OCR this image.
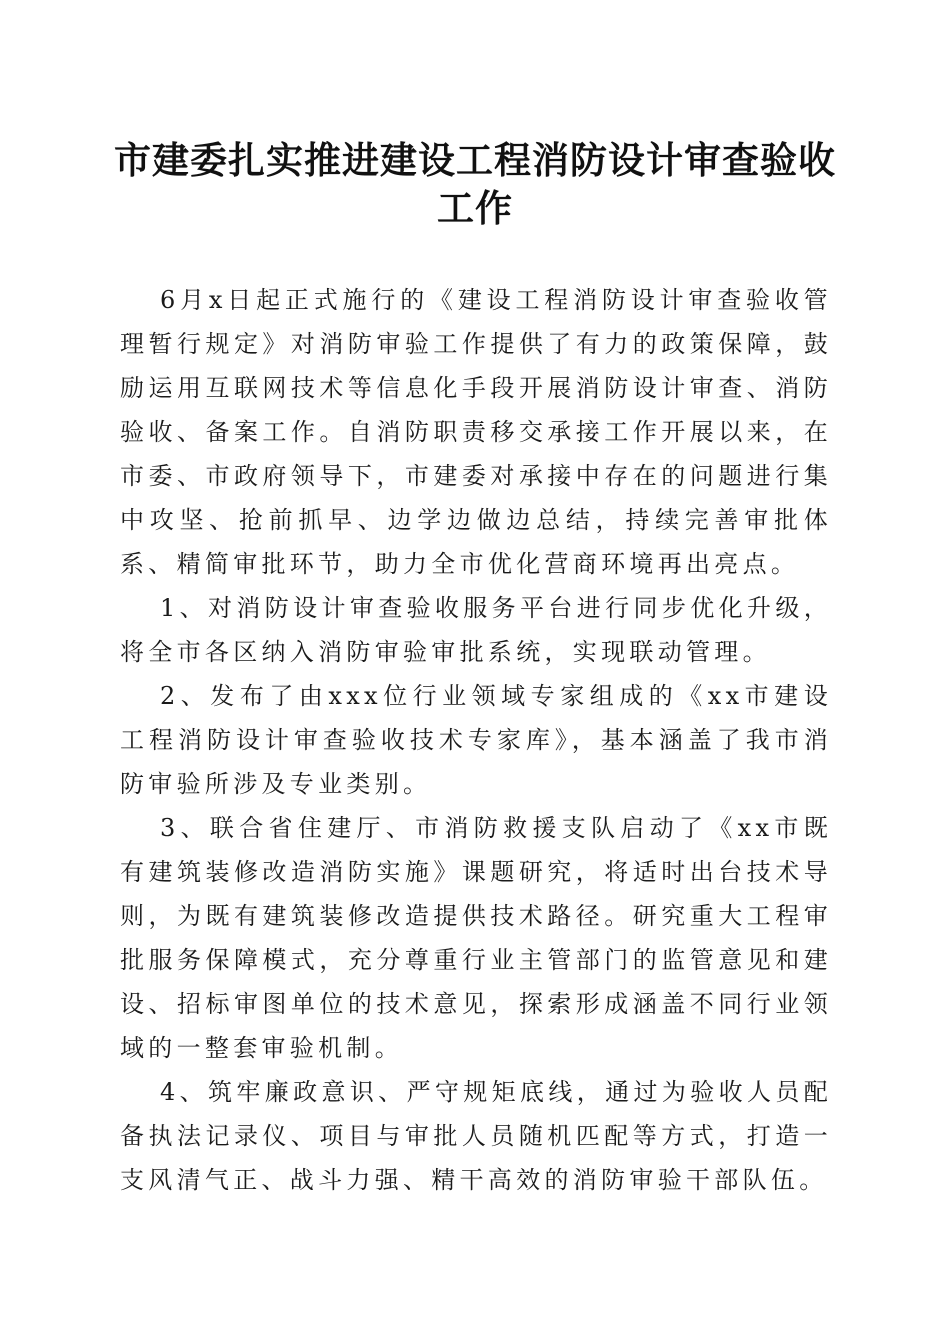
市建委扎实推进建设工程消防设计审查验收工作

6月x日起正式施行的《建设工程消防设计审查验收管理暂行规定》对消防审验工作提供了有力的政策保障，鼓励运用互联网技术等信息化手段开展消防设计审查、消防验收、备案工作。自消防职责移交承接工作开展以来，在市委、市政府领导下，市建委对承接中存在的问题进行集中攻坚、抢前抓早、边学边做边总结，持续完善审批体系、精简审批环节，助力全市优化营商环境再出亮点。

1、对消防设计审查验收服务平台进行同步优化升级，将全市各区纳入消防审验审批系统，实现联动管理。

2、发布了由xxx位行业领域专家组成的《xx市建设工程消防设计审查验收技术专家库》，基本涵盖了我市消防审验所涉及专业类别。

3、联合省住建厅、市消防救援支队启动了《xx市既有建筑装修改造消防实施》课题研究，将适时出台技术导则，为既有建筑装修改造提供技术路径。研究重大工程审批服务保障模式，充分尊重行业主管部门的监管意见和建设、招标审图单位的技术意见，探索形成涵盖不同行业领域的一整套审验机制。

4、筑牢廉政意识、严守规矩底线，通过为验收人员配备执法记录仪、项目与审批人员随机匹配等方式，打造一支风清气正、战斗力强、精干高效的消防审验干部队伍。
